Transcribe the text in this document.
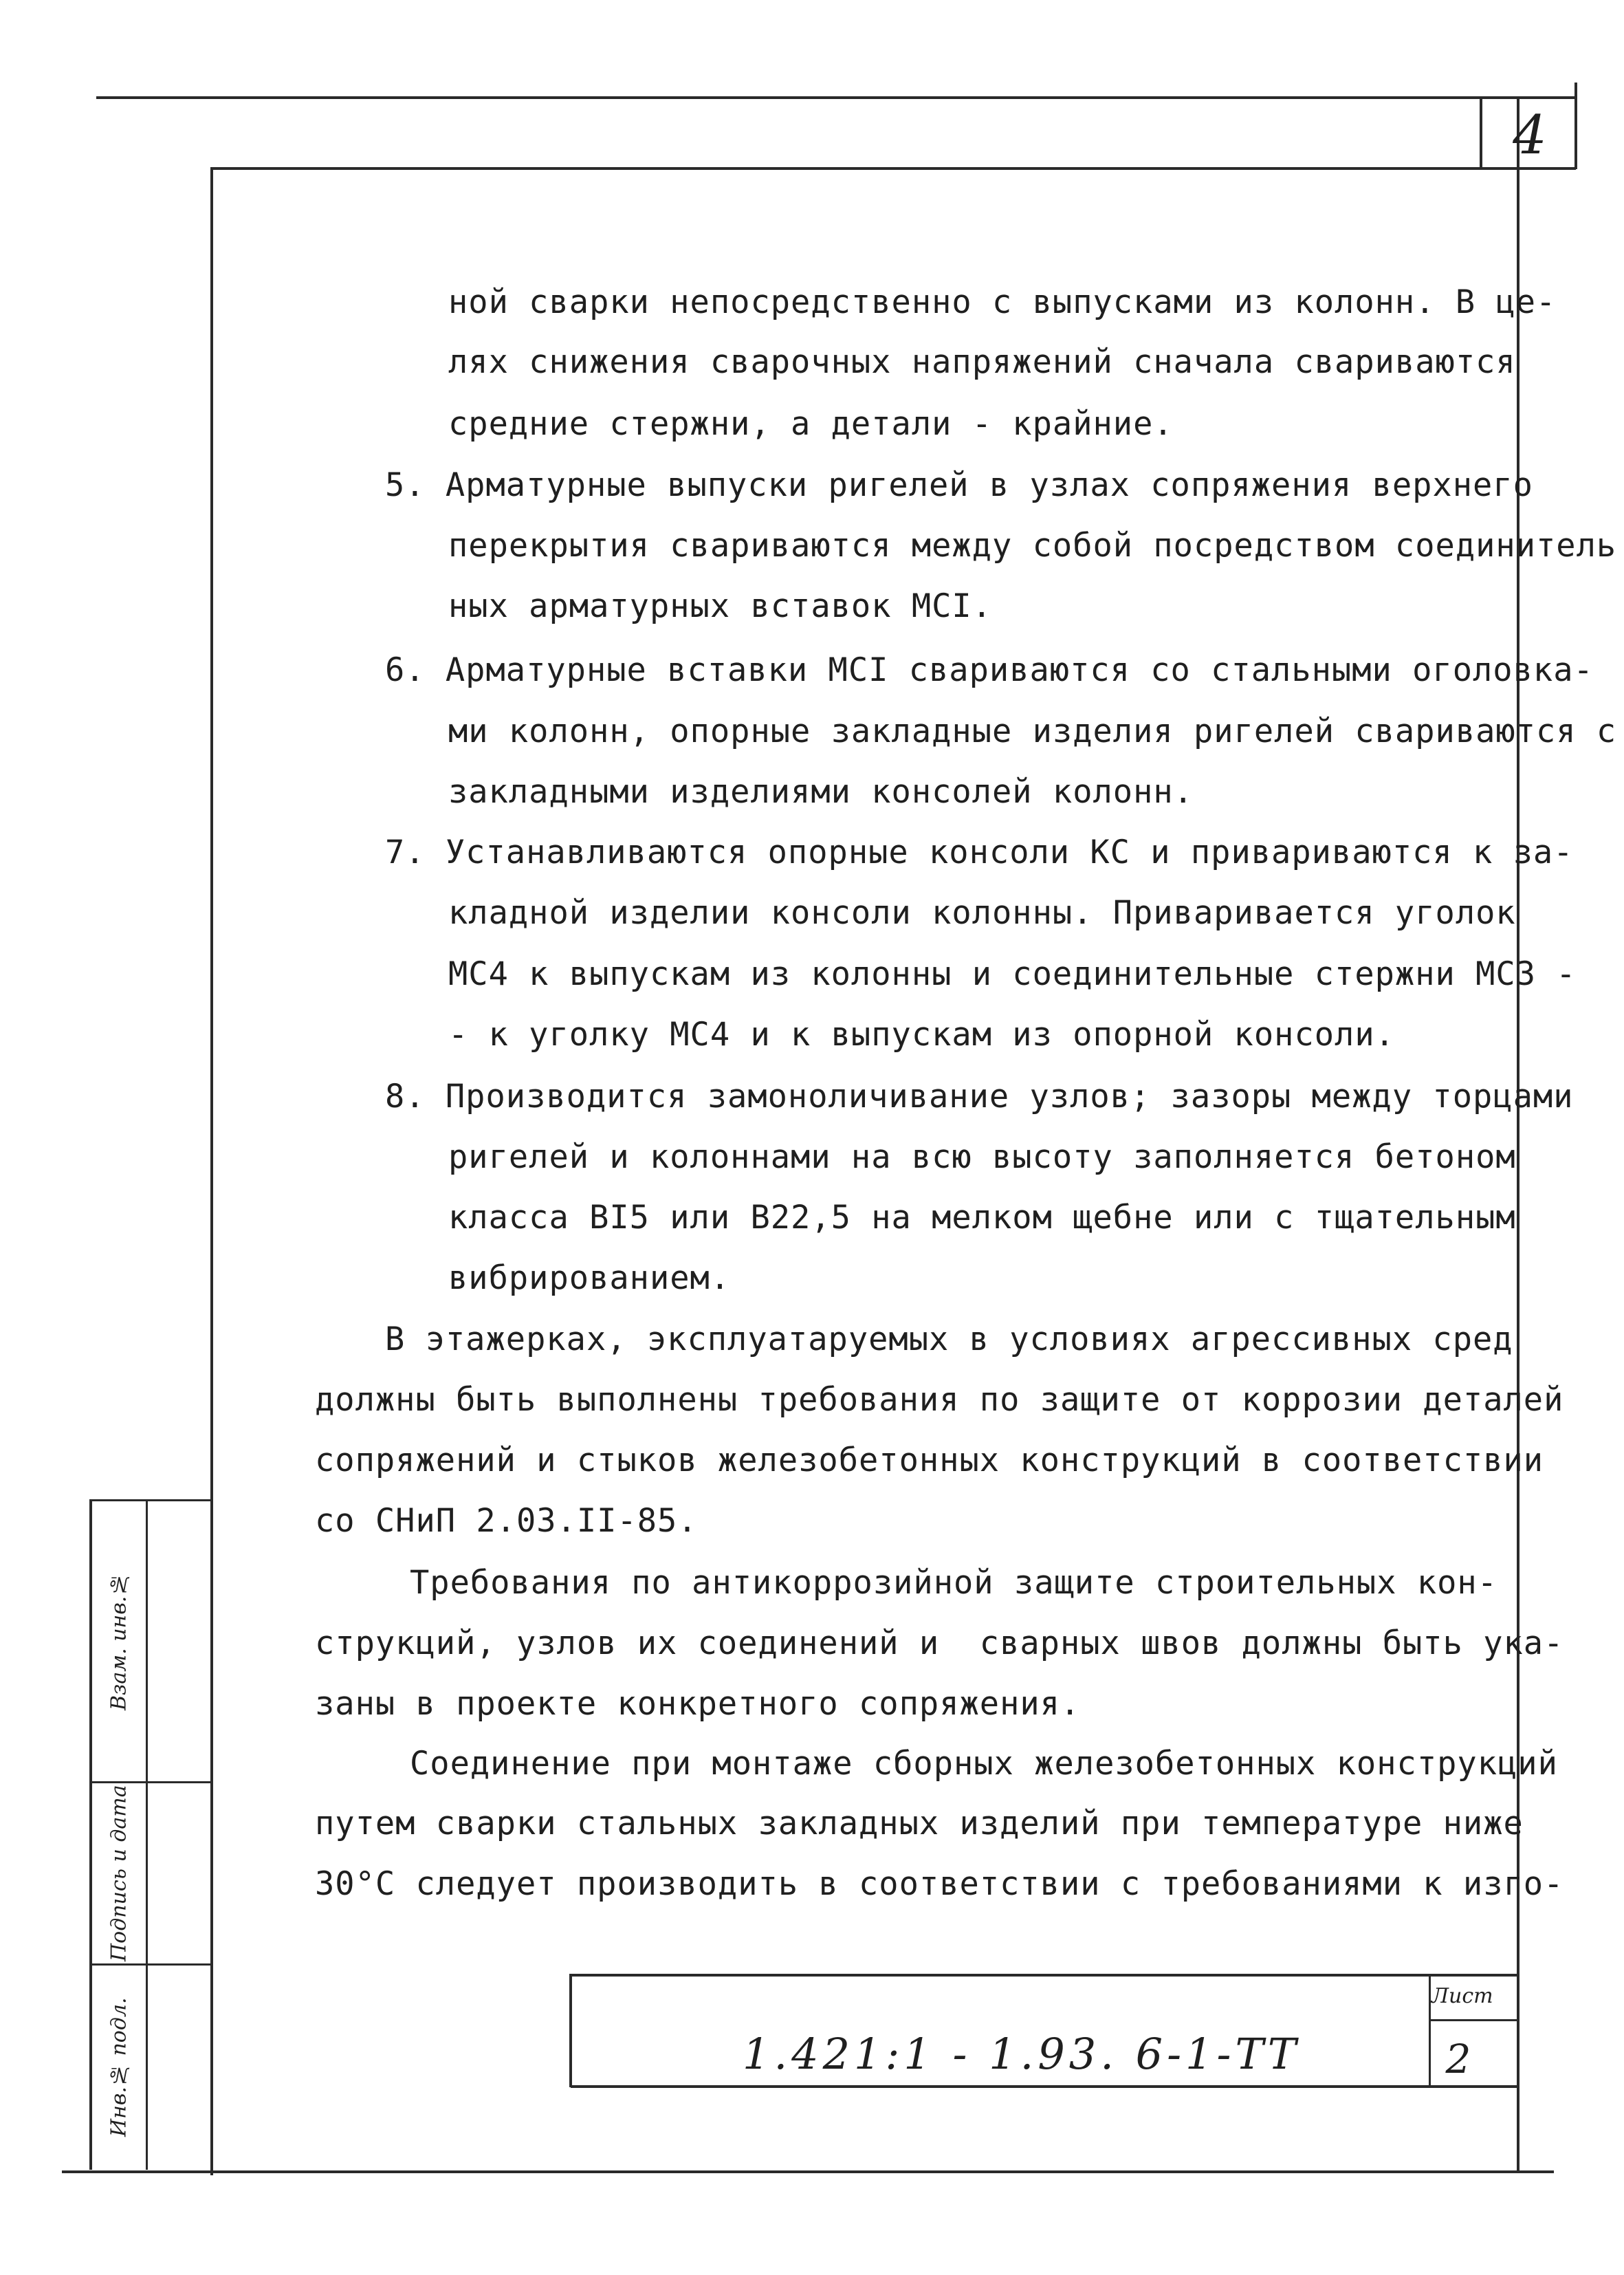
4
ной сварки непосредственно с выпусками из колонн. В це-
лях снижения сварочных напряжений сначала свариваются
средние стержни, а детали - крайние.
5. Арматурные выпуски ригелей в узлах сопряжения верхнего
перекрытия свариваются между собой посредством соединитель
ных арматурных вставок МСI.
6. Арматурные вставки МСI свариваются со стальными оголовка-
ми колонн, опорные закладные изделия ригелей свариваются с
закладными изделиями консолей колонн.
7. Устанавливаются опорные консоли КС и привариваются к за-
кладной изделии консоли колонны. Приваривается уголок
МС4 к выпускам из колонны и соединительные стержни МС3 -
- к уголку МС4 и к выпускам из опорной консоли.
8. Производится замоноличивание узлов; зазоры между торцами
ригелей и колоннами на всю высоту заполняется бетоном
класса ВI5 или В22,5 на мелком щебне или с тщательным
вибрированием.
В этажерках, эксплуатаруемых в условиях агрессивных сред
должны быть выполнены требования по защите от коррозии деталей
сопряжений и стыков железобетонных конструкций в соответствии
со СНиП 2.03.II-85.
Требования по антикоррозийной защите строительных кон-
струкций, узлов их соединений и  сварных швов должны быть ука-
заны в проекте конкретного сопряжения.
Соединение при монтаже сборных железобетонных конструкций
путем сварки стальных закладных изделий при температуре ниже
30°С следует производить в соответствии с требованиями к изго-
1.421:1 - 1.93. 6-1-ТТ
Лист
2
Взам. инв.№
Подпись и дата
Инв.№ подл.
